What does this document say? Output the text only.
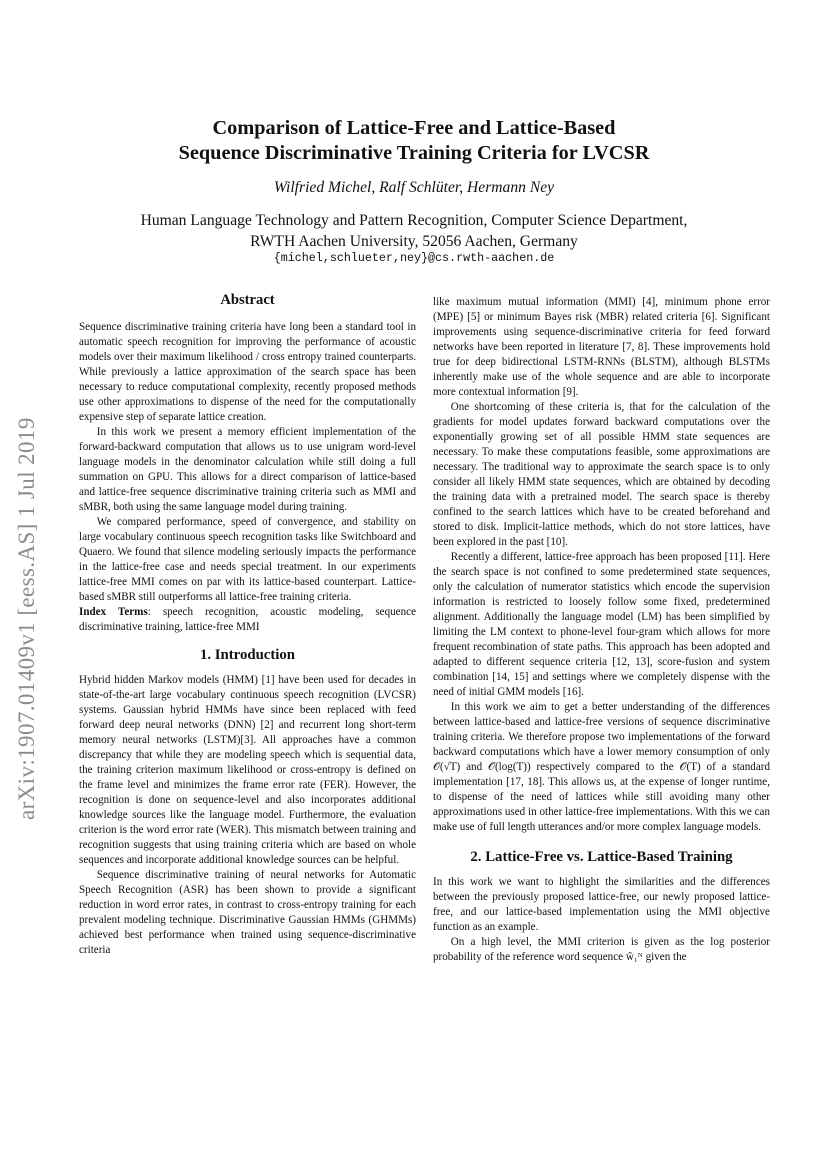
arXiv:1907.01409v1 [eess.AS] 1 Jul 2019
Comparison of Lattice-Free and Lattice-Based
Sequence Discriminative Training Criteria for LVCSR
Wilfried Michel, Ralf Schlüter, Hermann Ney
Human Language Technology and Pattern Recognition, Computer Science Department,
RWTH Aachen University, 52056 Aachen, Germany
{michel,schlueter,ney}@cs.rwth-aachen.de
Abstract

Sequence discriminative training criteria have long been a standard tool in automatic speech recognition for improving the performance of acoustic models over their maximum likelihood / cross entropy trained counterparts. While previously a lattice approximation of the search space has been necessary to reduce computational complexity, recently proposed methods use other approximations to dispense of the need for the computationally expensive step of separate lattice creation.

In this work we present a memory efficient implementation of the forward-backward computation that allows us to use unigram word-level language models in the denominator calculation while still doing a full summation on GPU. This allows for a direct comparison of lattice-based and lattice-free sequence discriminative training criteria such as MMI and sMBR, both using the same language model during training.

We compared performance, speed of convergence, and stability on large vocabulary continuous speech recognition tasks like Switchboard and Quaero. We found that silence modeling seriously impacts the performance in the lattice-free case and needs special treatment. In our experiments lattice-free MMI comes on par with its lattice-based counterpart. Lattice-based sMBR still outperforms all lattice-free training criteria.

Index Terms: speech recognition, acoustic modeling, sequence discriminative training, lattice-free MMI

1. Introduction

Hybrid hidden Markov models (HMM) [1] have been used for decades in state-of-the-art large vocabulary continuous speech recognition (LVCSR) systems. Gaussian hybrid HMMs have since been replaced with feed forward deep neural networks (DNN) [2] and recurrent long short-term memory neural networks (LSTM)[3]. All approaches have a common discrepancy that while they are modeling speech which is sequential data, the training criterion maximum likelihood or cross-entropy is defined on the frame level and minimizes the frame error rate (FER). However, the recognition is done on sequence-level and also incorporates additional knowledge sources like the language model. Furthermore, the evaluation criterion is the word error rate (WER). This mismatch between training and recognition suggests that using training criteria which are based on whole sequences and incorporate additional knowledge sources can be helpful.

Sequence discriminative training of neural networks for Automatic Speech Recognition (ASR) has been shown to provide a significant reduction in word error rates, in contrast to cross-entropy training for each prevalent modeling technique. Discriminative Gaussian HMMs (GHMMs) achieved best performance when trained using sequence-discriminative criteria

like maximum mutual information (MMI) [4], minimum phone error (MPE) [5] or minimum Bayes risk (MBR) related criteria [6]. Significant improvements using sequence-discriminative criteria for feed forward networks have been reported in literature [7, 8]. These improvements hold true for deep bidirectional LSTM-RNNs (BLSTM), although BLSTMs inherently make use of the whole sequence and are able to incorporate more contextual information [9].

One shortcoming of these criteria is, that for the calculation of the gradients for model updates forward backward computations over the exponentially growing set of all possible HMM state sequences are necessary. To make these computations feasible, some approximations are necessary. The traditional way to approximate the search space is to only consider all likely HMM state sequences, which are obtained by decoding the training data with a pretrained model. The search space is thereby confined to the search lattices which have to be created beforehand and stored to disk. Implicit-lattice methods, which do not store lattices, have been explored in the past [10].

Recently a different, lattice-free approach has been proposed [11]. Here the search space is not confined to some predetermined state sequences, only the calculation of numerator statistics which encode the supervision information is restricted to loosely follow some fixed, predetermined alignment. Additionally the language model (LM) has been simplified by limiting the LM context to phone-level four-gram which allows for more frequent recombination of state paths. This approach has been adopted and adapted to different sequence criteria [12, 13], score-fusion and system combination [14, 15] and settings where we completely dispense with the need of initial GMM models [16].

In this work we aim to get a better understanding of the differences between lattice-based and lattice-free versions of sequence discriminative training criteria. We therefore propose two implementations of the forward backward computations which have a lower memory consumption of only 𝒪(√T) and 𝒪(log(T)) respectively compared to the 𝒪(T) of a standard implementation [17, 18]. This allows us, at the expense of longer runtime, to dispense of the need of lattices while still avoiding many other approximations used in other lattice-free implementations. With this we can make use of full length utterances and/or more complex language models.

2. Lattice-Free vs. Lattice-Based Training

In this work we want to highlight the similarities and the differences between the previously proposed lattice-free, our newly proposed lattice-free, and our lattice-based implementation using the MMI objective function as an example.

On a high level, the MMI criterion is given as the log posterior probability of the reference word sequence w̃₁ᴺ given the
